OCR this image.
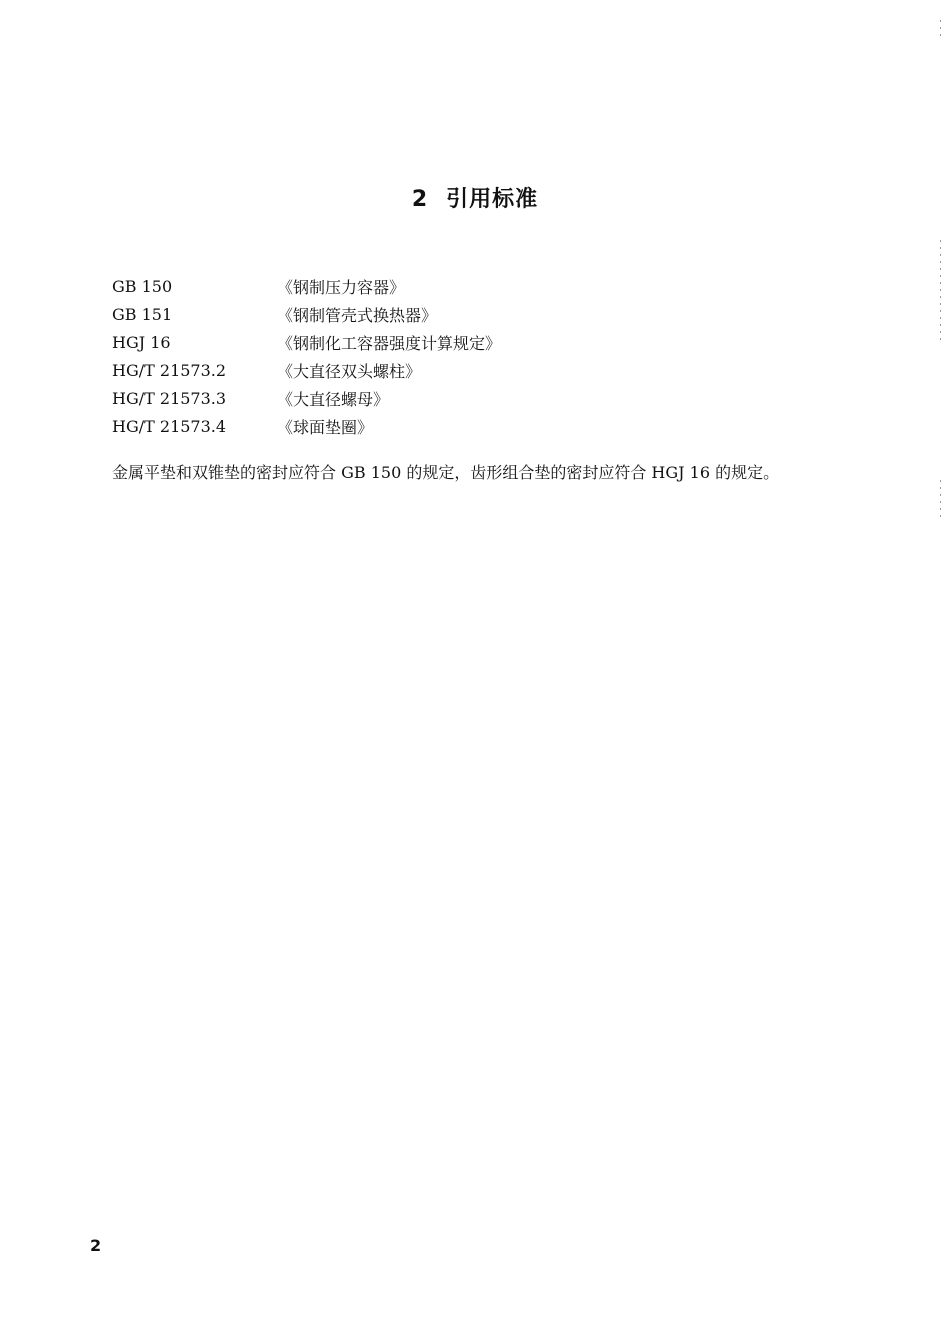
2 引用标准
GB 150	《钢制压力容器》
GB 151	《钢制管壳式换热器》
HGJ 16	《钢制化工容器强度计算规定》
HG/T 21573.2	《大直径双头螺柱》
HG/T 21573.3	《大直径螺母》
HG/T 21573.4	《球面垫圈》

金属平垫和双锥垫的密封应符合 GB 150 的规定，齿形组合垫的密封应符合 HGJ 16 的规定。

2
